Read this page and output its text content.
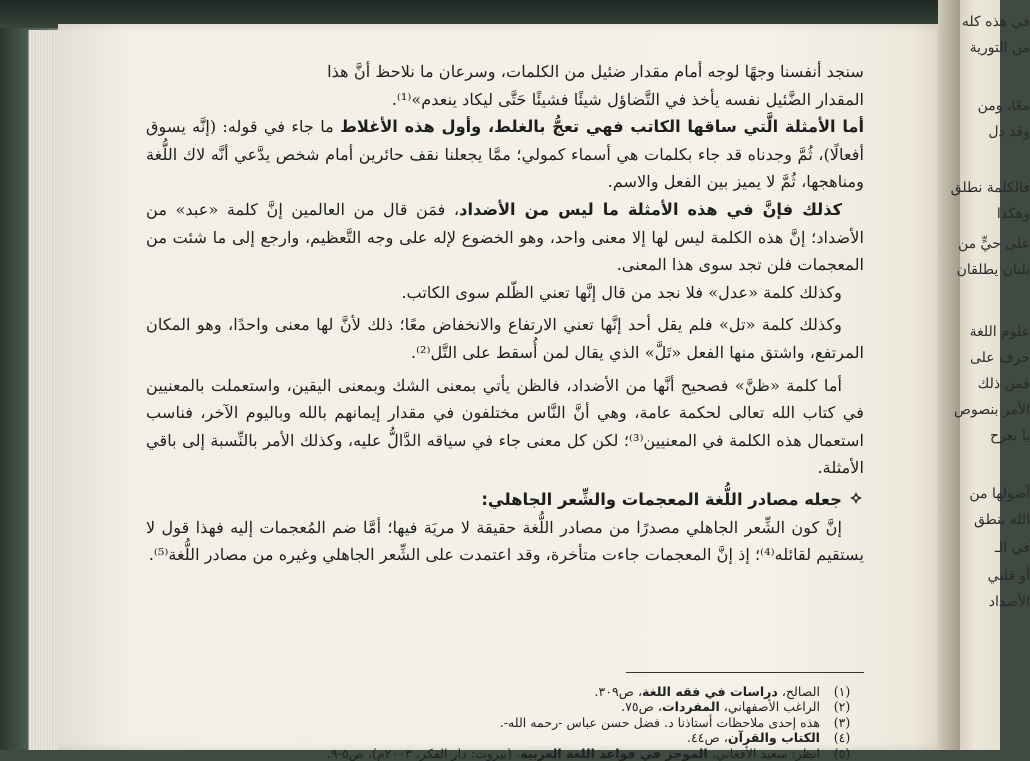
في هذه كله
من التورية
معًا، ومن
وقد دل
فالكلمة نطلق
وهكذا
على حيٍّ من
بلبان يطلقان
علوم اللغة
حرف على
فمن ذلك
الأمر بنصوص
يا بعرح
أصولها من
الله بنطق
في الـ
أو قلبي
الأصداد

سنجد أنفسنا وجهًا لوجه أمام مقدار ضئيل من الكلمات، وسرعان ما نلاحظ أنَّ هذا

المقدار الضَّئيل نفسه يأخذ في التَّضاؤل شيئًا فشيئًا حَتَّى ليكاد ينعدم»⁽¹⁾.

أما الأمثلة الَّتي ساقها الكاتب فهي تعجُّ بالغلط، وأول هذه الأغلاط ما جاء في قوله: (إنَّه يسوق أفعالًا)، ثُمَّ وجدناه قد جاء بكلمات هي أسماء كمولي؛ ممَّا يجعلنا نقف حائرين أمام شخص يدَّعي أنَّه لاك اللُّغة ومناهجها، ثُمَّ لا يميز بين الفعل والاسم.

كذلك فإنَّ في هذه الأمثلة ما ليس من الأضداد، فمَن قال من العالمين إنَّ كلمة «عبد» من الأضداد؛ إنَّ هذه الكلمة ليس لها إلا معنى واحد، وهو الخضوع لإله على وجه التَّعظيم، وارجع إلى ما شئت من المعجمات فلن تجد سوى هذا المعنى.

وكذلك كلمة «عدل» فلا نجد من قال إنَّها تعني الظّلم سوى الكاتب.

وكذلك كلمة «تل» فلم يقل أحد إنَّها تعني الارتفاع والانخفاض معًا؛ ذلك لأنَّ لها معنى واحدًا، وهو المكان المرتفع، واشتق منها الفعل «تَلَّ» الذي يقال لمن أُسقط على التَّل⁽²⁾.

أما كلمة «ظنَّ» فصحيح أنَّها من الأضداد، فالظن يأتي بمعنى الشك وبمعنى اليقين، واستعملت بالمعنيين في كتاب الله تعالى لحكمة عامة، وهي أنَّ النَّاس مختلفون في مقدار إيمانهم بالله وباليوم الآخر، فناسب استعمال هذه الكلمة في المعنيين⁽³⁾؛ لكن كل معنى جاء في سياقه الدَّالُّ عليه، وكذلك الأمر بالنِّسبة إلى باقي الأمثلة.

جعله مصادر اللُّغة المعجمات والشِّعر الجاهلي:

إنَّ كون الشِّعر الجاهلي مصدرًا من مصادر اللُّغة حقيقة لا مريَة فيها؛ أمَّا ضم المُعجمات إليه فهذا قول لا يستقيم لقائله⁽⁴⁾؛ إذ إنَّ المعجمات جاءت متأخرة، وقد اعتمدت على الشِّعر الجاهلي وغيره من مصادر اللُّغة⁽⁵⁾.

(١)الصالح، دراسات في فقه اللغة، ص٣٠٩.
(٢)الراغب الأصفهاني، المفردات، ص٧٥.
(٣)هذه إحدى ملاحظات أستاذنا د. فضل حسن عباس -رحمه الله-.
(٤)الكتاب والقرآن، ص٤٤.
(٥)انظر: سعيد الأفغاني، الموجز في قواعد اللغة العربية، (بيروت: دار الفكر، ٢٠٠٣م)، ص٥-٩.
